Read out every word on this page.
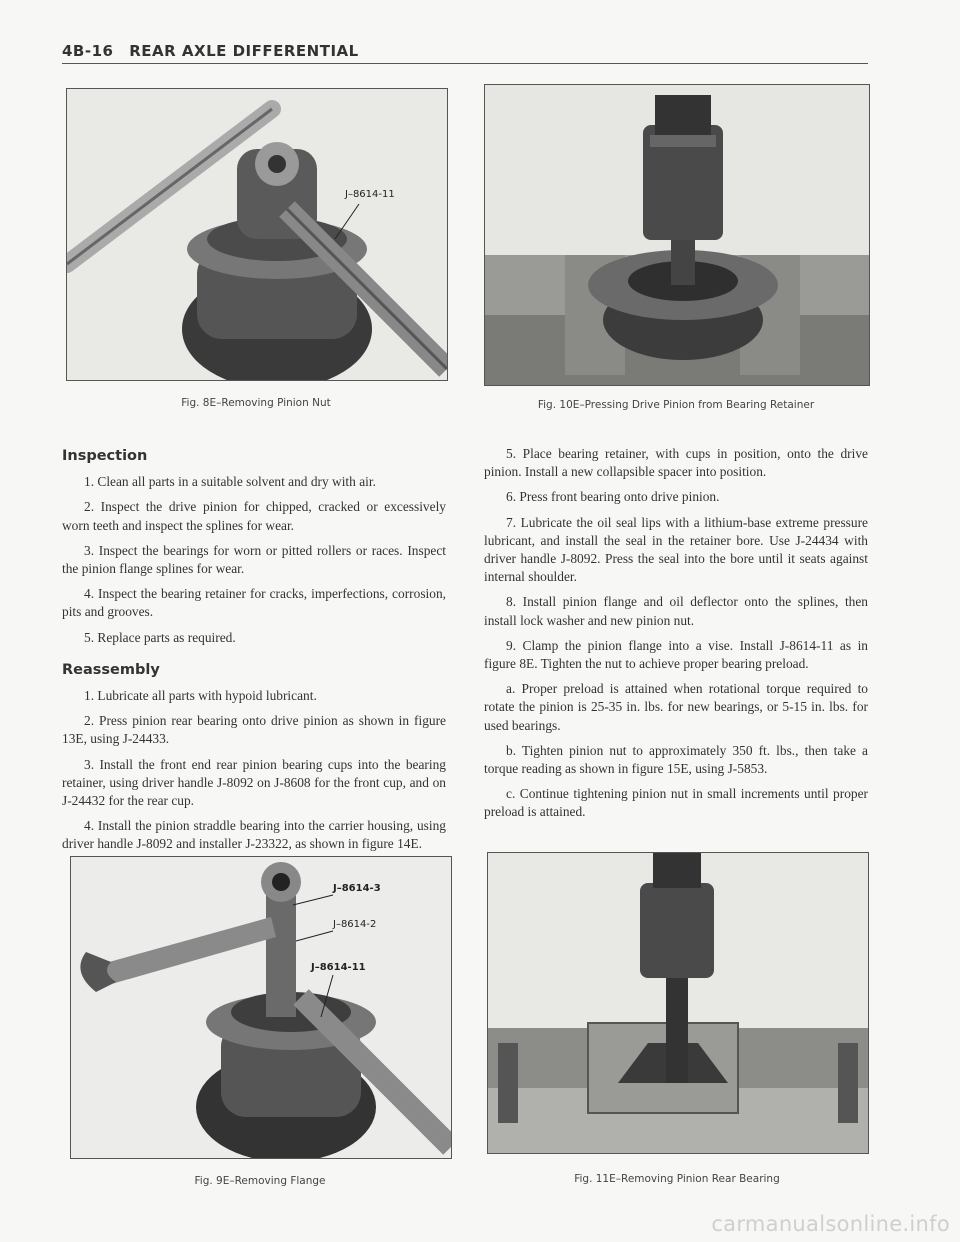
4B-16 REAR AXLE DIFFERENTIAL
J–8614-11
Fig. 8E–Removing Pinion Nut	Fig. 10E–Pressing Drive Pinion from Bearing Retainer
Inspection

1. Clean all parts in a suitable solvent and dry with air.

2. Inspect the drive pinion for chipped, cracked or excessively worn teeth and inspect the splines for wear.

3. Inspect the bearings for worn or pitted rollers or races. Inspect the pinion flange splines for wear.

4. Inspect the bearing retainer for cracks, imperfections, corrosion, pits and grooves.

5. Replace parts as required.

Reassembly

1. Lubricate all parts with hypoid lubricant.

2. Press pinion rear bearing onto drive pinion as shown in figure 13E, using J-24433.

3. Install the front end rear pinion bearing cups into the bearing retainer, using driver handle J-8092 on J-8608 for the front cup, and on J-24432 for the rear cup.

4. Install the pinion straddle bearing into the carrier housing, using driver handle J-8092 and installer J-23322, as shown in figure 14E.

5. Place bearing retainer, with cups in position, onto the drive pinion. Install a new collapsible spacer into position.

6. Press front bearing onto drive pinion.

7. Lubricate the oil seal lips with a lithium-base extreme pressure lubricant, and install the seal in the retainer bore. Use J-24434 with driver handle J-8092. Press the seal into the bore until it seats against internal shoulder.

8. Install pinion flange and oil deflector onto the splines, then install lock washer and new pinion nut.

9. Clamp the pinion flange into a vise. Install J-8614-11 as in figure 8E. Tighten the nut to achieve proper bearing preload.

a. Proper preload is attained when rotational torque required to rotate the pinion is 25-35 in. lbs. for new bearings, or 5-15 in. lbs. for used bearings.

b. Tighten pinion nut to approximately 350 ft. lbs., then take a torque reading as shown in figure 15E, using J-5853.

c. Continue tightening pinion nut in small increments until proper preload is attained.

J–8614-3
J–8614-2
J–8614-11
Fig. 9E–Removing Flange	Fig. 11E–Removing Pinion Rear Bearing
carmanualsonline.info
